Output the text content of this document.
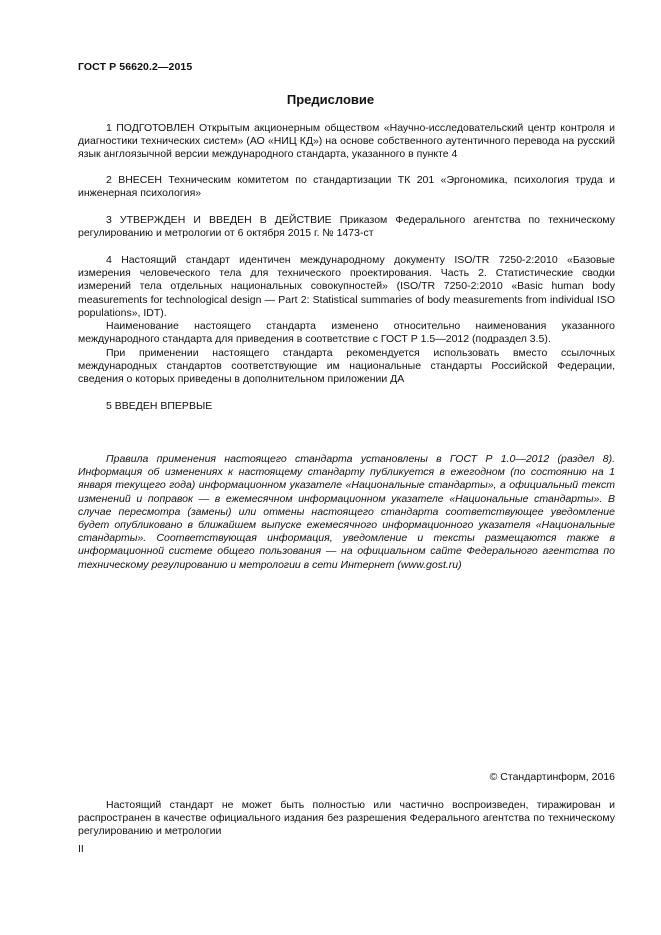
ГОСТ Р 56620.2—2015
Предисловие

1 ПОДГОТОВЛЕН Открытым акционерным обществом «Научно-исследовательский центр контроля и диагностики технических систем» (АО «НИЦ КД») на основе собственного аутентичного перевода на русский язык англоязычной версии международного стандарта, указанного в пункте 4

2 ВНЕСЕН Техническим комитетом по стандартизации ТК 201 «Эргономика, психология труда и инженерная психология»

3 УТВЕРЖДЕН И ВВЕДЕН В ДЕЙСТВИЕ Приказом Федерального агентства по техническому регулированию и метрологии от 6 октября 2015 г. № 1473-ст

4 Настоящий стандарт идентичен международному документу ISO/TR 7250-2:2010 «Базовые измерения человеческого тела для технического проектирования. Часть 2. Статистические сводки измерений тела отдельных национальных совокупностей» (ISO/TR 7250-2:2010 «Basic human body measurements for technological design — Part 2: Statistical summaries of body measurements from individual ISO populations», IDT).

Наименование настоящего стандарта изменено относительно наименования указанного международного стандарта для приведения в соответствие с ГОСТ Р 1.5—2012 (подраздел 3.5).

При применении настоящего стандарта рекомендуется использовать вместо ссылочных международных стандартов соответствующие им национальные стандарты Российской Федерации, сведения о которых приведены в дополнительном приложении ДА

5 ВВЕДЕН ВПЕРВЫЕ

Правила применения настоящего стандарта установлены в ГОСТ Р 1.0—2012 (раздел 8). Информация об изменениях к настоящему стандарту публикуется в ежегодном (по состоянию на 1 января текущего года) информационном указателе «Национальные стандарты», а официальный текст изменений и поправок — в ежемесячном информационном указателе «Национальные стандарты». В случае пересмотра (замены) или отмены настоящего стандарта соответствующее уведомление будет опубликовано в ближайшем выпуске ежемесячного информационного указателя «Национальные стандарты». Соответствующая информация, уведомление и тексты размещаются также в информационной системе общего пользования — на официальном сайте Федерального агентства по техническому регулированию и метрологии в сети Интернет (www.gost.ru)

© Стандартинформ, 2016

Настоящий стандарт не может быть полностью или частично воспроизведен, тиражирован и распространен в качестве официального издания без разрешения Федерального агентства по техническому регулированию и метрологии

II
